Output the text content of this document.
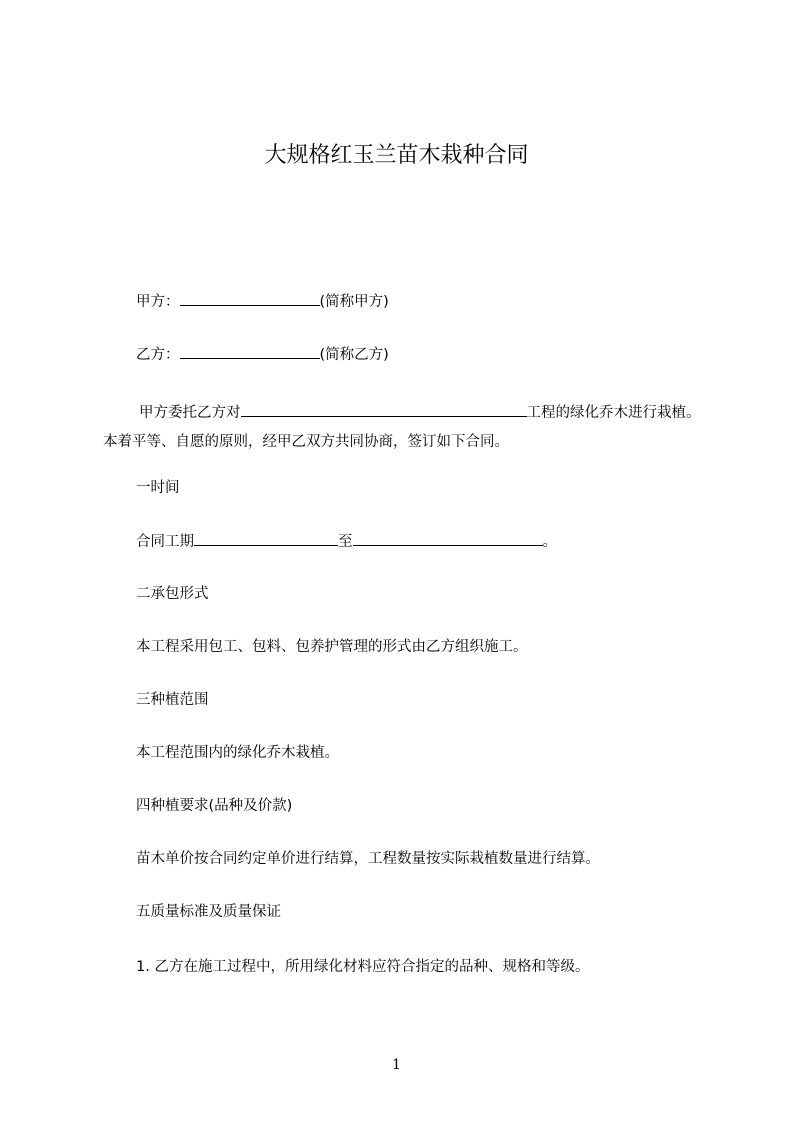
大规格红玉兰苗木栽种合同
甲方：	(简称甲方)
乙方：	(简称乙方)
甲方委托乙方对	工程的绿化乔木进行栽植。本着平等、自愿的原则，经甲乙双方共同协商，签订如下合同。
一时间
合同工期	至	。
二承包形式
本工程采用包工、包料、包养护管理的形式由乙方组织施工。
三种植范围
本工程范围内的绿化乔木栽植。
四种植要求(品种及价款)
苗木单价按合同约定单价进行结算，工程数量按实际栽植数量进行结算。
五质量标准及质量保证
1. 乙方在施工过程中，所用绿化材料应符合指定的品种、规格和等级。
1
